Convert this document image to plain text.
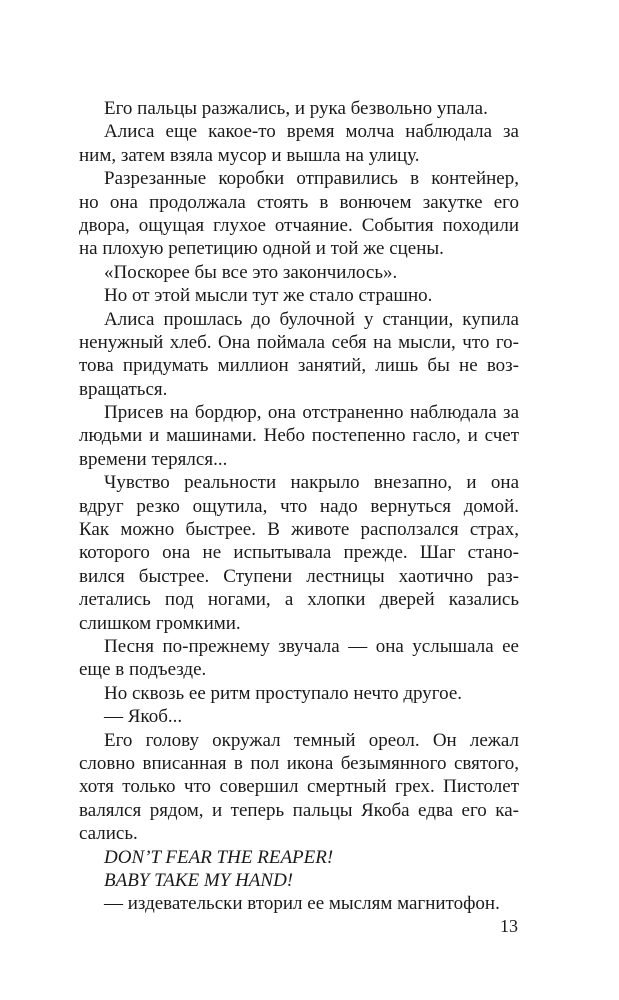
Его пальцы разжались, и рука безвольно упала.
Алиса еще какое-то время молча наблюдала за
ним, затем взяла мусор и вышла на улицу.
Разрезанные коробки отправились в контейнер,
но она продолжала стоять в вонючем закутке его
двора, ощущая глухое отчаяние. События походили
на плохую репетицию одной и той же сцены.
«Поскорее бы все это закончилось».
Но от этой мысли тут же стало страшно.
Алиса прошлась до булочной у станции, купила
ненужный хлеб. Она поймала себя на мысли, что го-
това придумать миллион занятий, лишь бы не воз-
вращаться.
Присев на бордюр, она отстраненно наблюдала за
людьми и машинами. Небо постепенно гасло, и счет
времени терялся...
Чувство реальности накрыло внезапно, и она
вдруг резко ощутила, что надо вернуться домой.
Как можно быстрее. В животе расползался страх,
которого она не испытывала прежде. Шаг стано-
вился быстрее. Ступени лестницы хаотично раз-
летались под ногами, а хлопки дверей казались
слишком громкими.
Песня по-прежнему звучала — она услышала ее
еще в подъезде.
Но сквозь ее ритм проступало нечто другое.
— Якоб...
Его голову окружал темный ореол. Он лежал
словно вписанная в пол икона безымянного святого,
хотя только что совершил смертный грех. Пистолет
валялся рядом, и теперь пальцы Якоба едва его ка-
сались.
DON’T FEAR THE REAPER!
BABY TAKE MY HAND!
— издевательски вторил ее мыслям магнитофон.
13
